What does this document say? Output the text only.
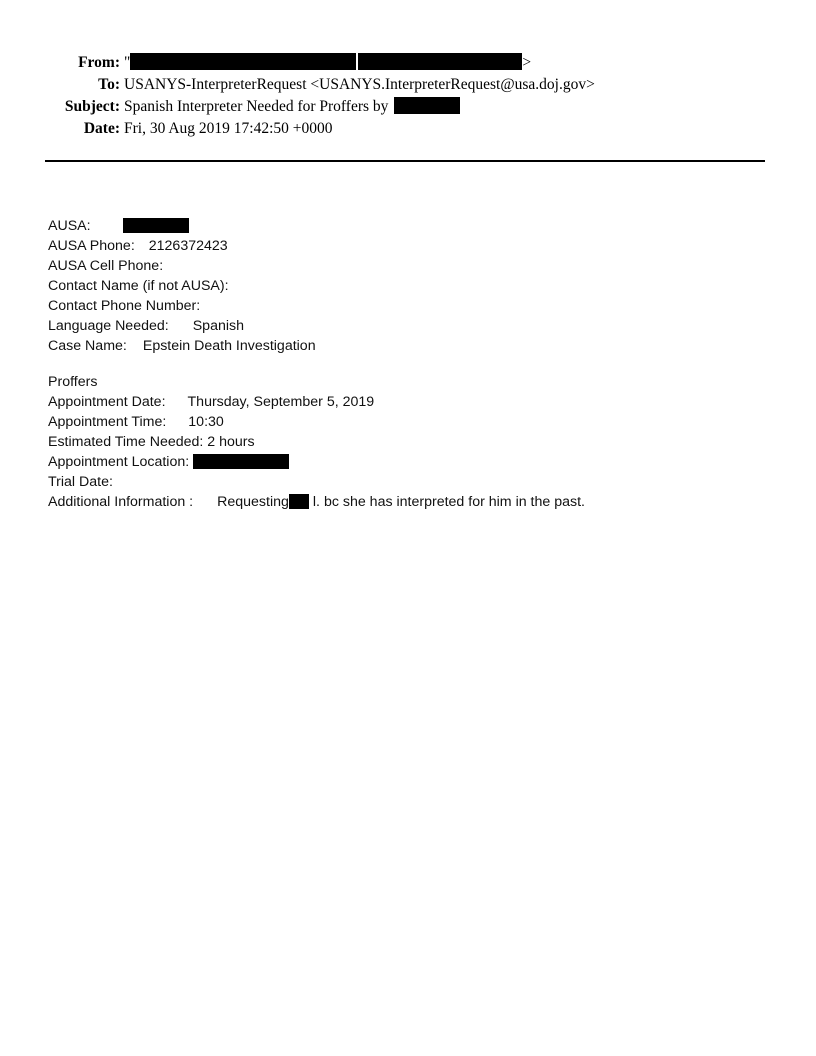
From: "	>
To: USANYS-InterpreterRequest <USANYS.InterpreterRequest@usa.doj.gov>
Subject: Spanish Interpreter Needed for Proffers by
Date: Fri, 30 Aug 2019 17:42:50 +0000
AUSA:
AUSA Phone: 2126372423
AUSA Cell Phone:
Contact Name (if not AUSA):
Contact Phone Number:
Language Needed: Spanish
Case Name: Epstein Death Investigation
Proffers
Appointment Date: Thursday, September 5, 2019
Appointment Time: 10:30
Estimated Time Needed: 2 hours
Appointment Location:
Trial Date:
Additional Information : Requesting l. bc she has interpreted for him in the past.
